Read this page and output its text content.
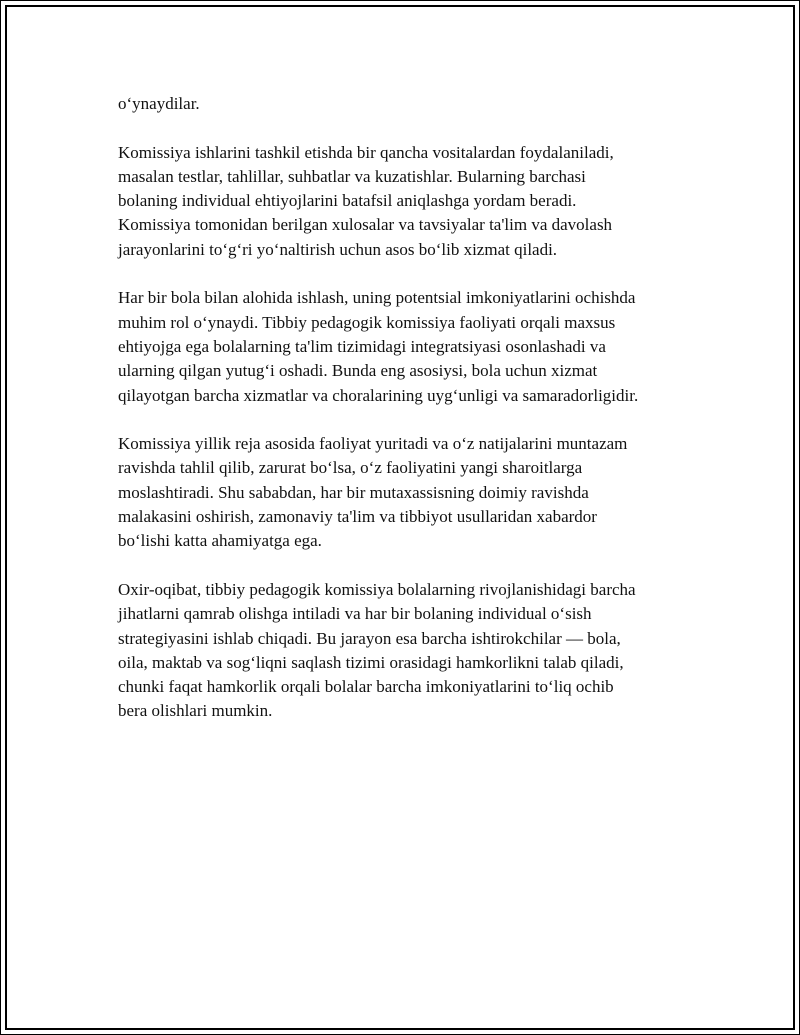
o‘ynaydilar.

Komissiya ishlarini tashkil etishda bir qancha vositalardan foydalaniladi,
masalan testlar, tahlillar, suhbatlar va kuzatishlar. Bularning barchasi
bolaning individual ehtiyojlarini batafsil aniqlashga yordam beradi.
Komissiya tomonidan berilgan xulosalar va tavsiyalar ta'lim va davolash
jarayonlarini to‘g‘ri yo‘naltirish uchun asos bo‘lib xizmat qiladi.

Har bir bola bilan alohida ishlash, uning potentsial imkoniyatlarini ochishda
muhim rol o‘ynaydi. Tibbiy pedagogik komissiya faoliyati orqali maxsus
ehtiyojga ega bolalarning ta'lim tizimidagi integratsiyasi osonlashadi va
ularning qilgan yutug‘i oshadi. Bunda eng asosiysi, bola uchun xizmat
qilayotgan barcha xizmatlar va choralarining uyg‘unligi va samaradorligidir.

Komissiya yillik reja asosida faoliyat yuritadi va o‘z natijalarini muntazam
ravishda tahlil qilib, zarurat bo‘lsa, o‘z faoliyatini yangi sharoitlarga
moslashtiradi. Shu sababdan, har bir mutaxassisning doimiy ravishda
malakasini oshirish, zamonaviy ta'lim va tibbiyot usullaridan xabardor
bo‘lishi katta ahamiyatga ega.

Oxir-oqibat, tibbiy pedagogik komissiya bolalarning rivojlanishidagi barcha
jihatlarni qamrab olishga intiladi va har bir bolaning individual o‘sish
strategiyasini ishlab chiqadi. Bu jarayon esa barcha ishtirokchilar — bola,
oila, maktab va sog‘liqni saqlash tizimi orasidagi hamkorlikni talab qiladi,
chunki faqat hamkorlik orqali bolalar barcha imkoniyatlarini to‘liq ochib
bera olishlari mumkin.
